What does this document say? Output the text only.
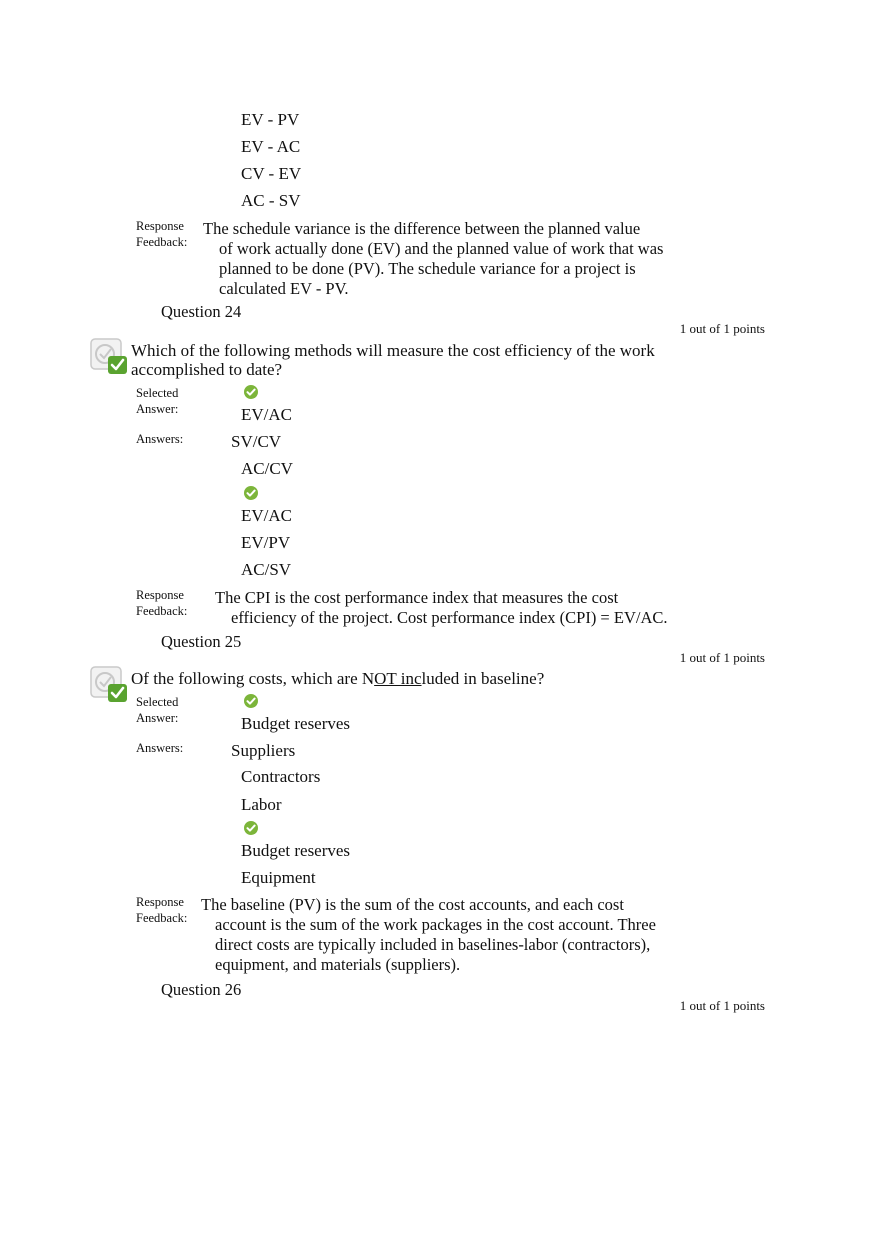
EV - PV
EV - AC
CV - EV
AC - SV
Response Feedback:
The schedule variance is the difference between the planned value
of work actually done (EV) and the planned value of work that was
planned to be done (PV). The schedule variance for a project is
calculated EV - PV.
Question 24
1 out of 1 points
Which of the following methods will measure the cost efficiency of the work
accomplished to date?
Selected Answer:	EV/AC
Answers:	SV/CV
AC/CV
EV/AC
EV/PV
AC/SV
Response Feedback:
The CPI is the cost performance index that measures the cost
efficiency of the project. Cost performance index (CPI) = EV/AC.
Question 25
1 out of 1 points
Of the following costs, which are NOT included in baseline?
Selected Answer:	Budget reserves
Answers:	Suppliers
Contractors
Labor
Budget reserves
Equipment
Response Feedback:
The baseline (PV) is the sum of the cost accounts, and each cost
account is the sum of the work packages in the cost account. Three
direct costs are typically included in baselines-labor (contractors),
equipment, and materials (suppliers).
Question 26
1 out of 1 points
